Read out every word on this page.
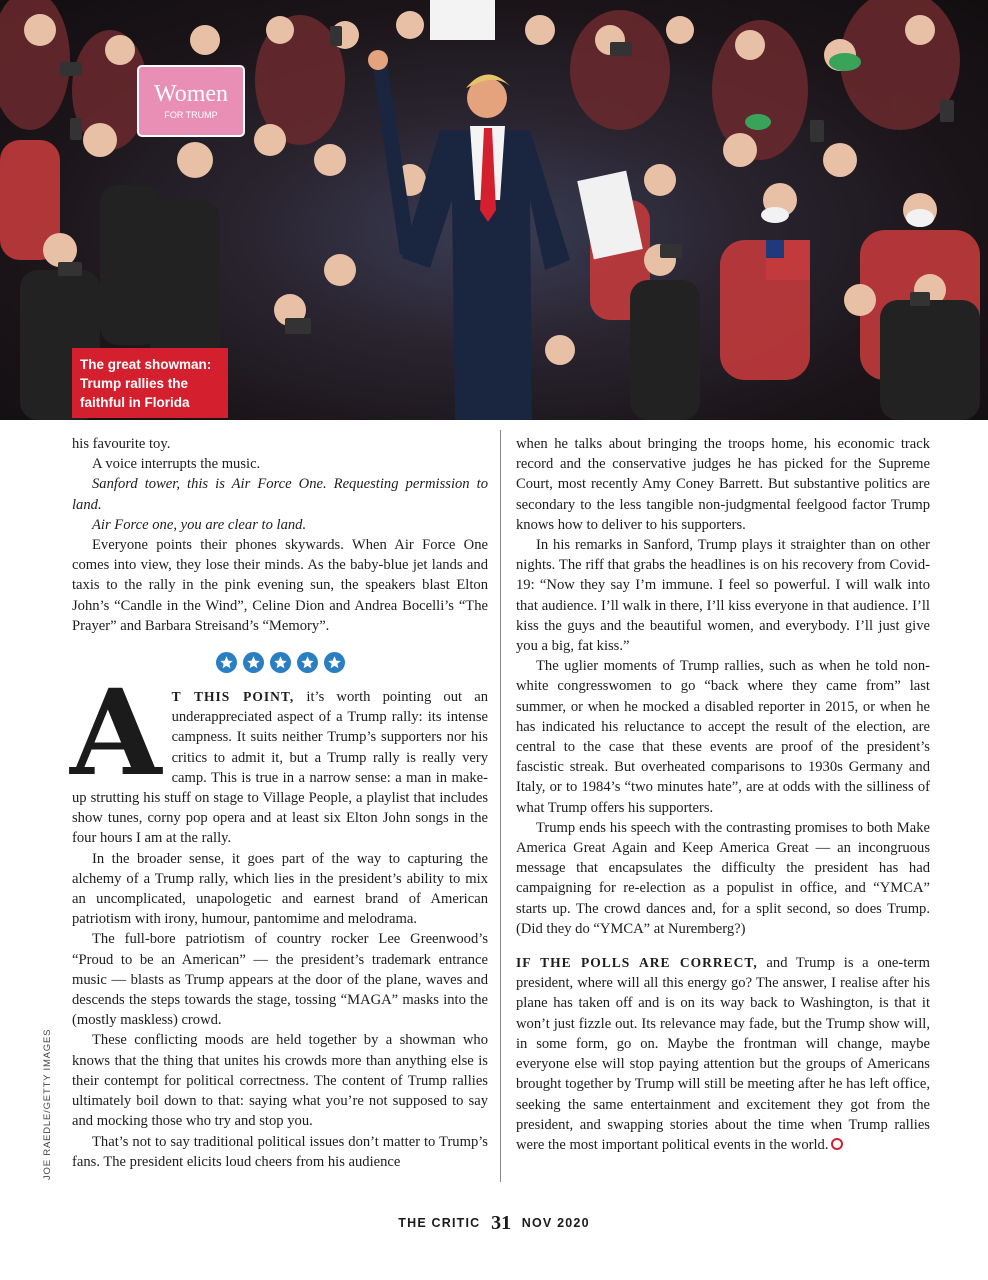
Women
FOR TRUMP
The great showman: Trump rallies the faithful in Florida
JOE RAEDLE/GETTY IMAGES

his favourite toy.

A voice interrupts the music.

Sanford tower, this is Air Force One. Requesting permission to land.

Air Force one, you are clear to land.

Everyone points their phones skywards. When Air Force One comes into view, they lose their minds. As the baby-blue jet lands and taxis to the rally in the pink evening sun, the speakers blast Elton John’s “Candle in the Wind”, Celine Dion and Andrea Bocelli’s “The Prayer” and Barbara Streisand’s “Memory”.

A T THIS POINT, it’s worth pointing out an underappreciated aspect of a Trump rally: its intense campness. It suits neither Trump’s supporters nor his critics to admit it, but a Trump rally is really very camp. This is true in a narrow sense: a man in make-up strutting his stuff on stage to Village People, a playlist that includes show tunes, corny pop opera and at least six Elton John songs in the four hours I am at the rally.

In the broader sense, it goes part of the way to capturing the alchemy of a Trump rally, which lies in the president’s ability to mix an uncomplicated, unapologetic and earnest brand of American patriotism with irony, humour, pantomime and melodrama.

The full-bore patriotism of country rocker Lee Greenwood’s “Proud to be an American” — the president’s trademark entrance music — blasts as Trump appears at the door of the plane, waves and descends the steps towards the stage, tossing “MAGA” masks into the (mostly maskless) crowd.

These conflicting moods are held together by a showman who knows that the thing that unites his crowds more than anything else is their contempt for political correctness. The content of Trump rallies ultimately boil down to that: saying what you’re not supposed to say and mocking those who try and stop you.

That’s not to say traditional political issues don’t matter to Trump’s fans. The president elicits loud cheers from his audience

when he talks about bringing the troops home, his economic track record and the conservative judges he has picked for the Supreme Court, most recently Amy Coney Barrett. But substantive politics are secondary to the less tangible non-judgmental feelgood factor Trump knows how to deliver to his supporters.

In his remarks in Sanford, Trump plays it straighter than on other nights. The riff that grabs the headlines is on his recovery from Covid-19: “Now they say I’m immune. I feel so powerful. I will walk into that audience. I’ll walk in there, I’ll kiss everyone in that audience. I’ll kiss the guys and the beautiful women, and everybody. I’ll just give you a big, fat kiss.”

The uglier moments of Trump rallies, such as when he told non-white congresswomen to go “back where they came from” last summer, or when he mocked a disabled reporter in 2015, or when he has indicated his reluctance to accept the result of the election, are central to the case that these events are proof of the president’s fascistic streak. But overheated comparisons to 1930s Germany and Italy, or to 1984’s “two minutes hate”, are at odds with the silliness of what Trump offers his supporters.

Trump ends his speech with the contrasting promises to both Make America Great Again and Keep America Great — an incongruous message that encapsulates the difficulty the president has had campaigning for re-election as a populist in office, and “YMCA” starts up. The crowd dances and, for a split second, so does Trump. (Did they do “YMCA” at Nuremberg?)

IF THE POLLS ARE CORRECT, and Trump is a one-term president, where will all this energy go? The answer, I realise after his plane has taken off and is on its way back to Washington, is that it won’t just fizzle out. Its relevance may fade, but the Trump show will, in some form, go on. Maybe the frontman will change, maybe everyone else will stop paying attention but the groups of Americans brought together by Trump will still be meeting after he has left office, seeking the same entertainment and excitement they got from the president, and swapping stories about the time when Trump rallies were the most important political events in the world.

THE CRITIC 31 NOV 2020
